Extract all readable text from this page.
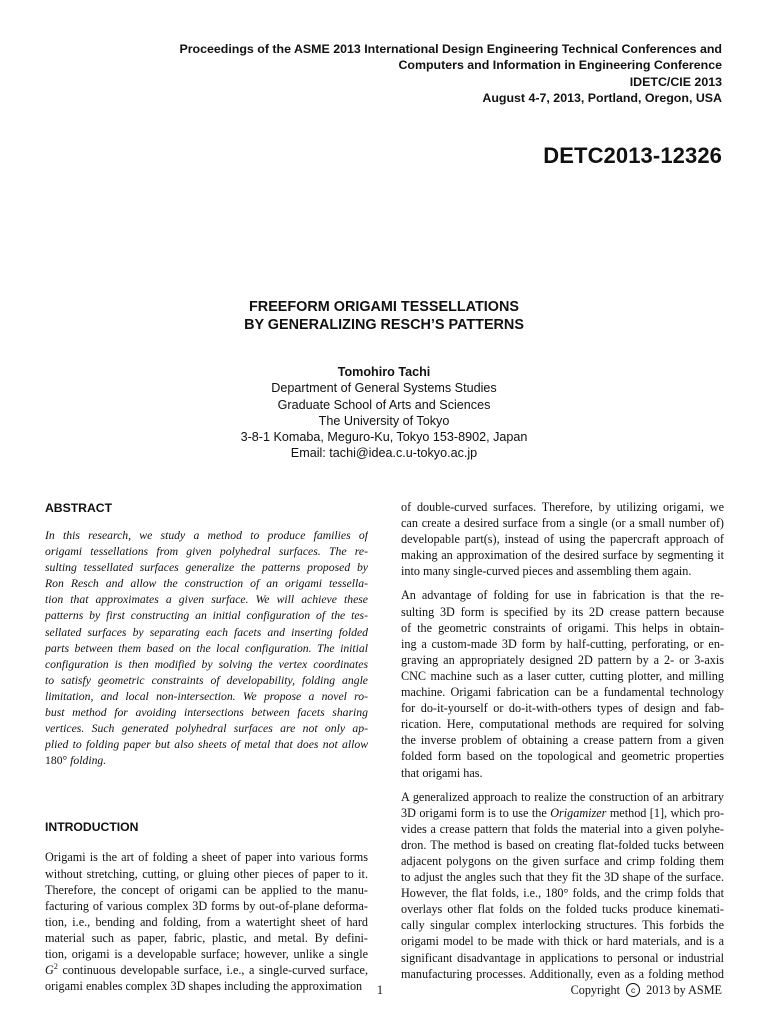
Proceedings of the ASME 2013 International Design Engineering Technical Conferences and
Computers and Information in Engineering Conference
IDETC/CIE 2013
August 4-7, 2013, Portland, Oregon, USA
DETC2013-12326
FREEFORM ORIGAMI TESSELLATIONS
BY GENERALIZING RESCH’S PATTERNS
Tomohiro Tachi
Department of General Systems Studies
Graduate School of Arts and Sciences
The University of Tokyo
3-8-1 Komaba, Meguro-Ku, Tokyo 153-8902, Japan
Email: tachi@idea.c.u-tokyo.ac.jp
ABSTRACT
In this research, we study a method to produce families of
origami tessellations from given polyhedral surfaces. The re-
sulting tessellated surfaces generalize the patterns proposed by
Ron Resch and allow the construction of an origami tessella-
tion that approximates a given surface. We will achieve these
patterns by first constructing an initial configuration of the tes-
sellated surfaces by separating each facets and inserting folded
parts between them based on the local configuration. The initial
configuration is then modified by solving the vertex coordinates
to satisfy geometric constraints of developability, folding angle
limitation, and local non-intersection. We propose a novel ro-
bust method for avoiding intersections between facets sharing
vertices. Such generated polyhedral surfaces are not only ap-
plied to folding paper but also sheets of metal that does not allow
180° folding.
INTRODUCTION
Origami is the art of folding a sheet of paper into various forms
without stretching, cutting, or gluing other pieces of paper to it.
Therefore, the concept of origami can be applied to the manu-
facturing of various complex 3D forms by out-of-plane deforma-
tion, i.e., bending and folding, from a watertight sheet of hard
material such as paper, fabric, plastic, and metal. By defini-
tion, origami is a developable surface; however, unlike a single
$G^2$ continuous developable surface, i.e., a single-curved surface,
origami enables complex 3D shapes including the approximation
of double-curved surfaces. Therefore, by utilizing origami, we
can create a desired surface from a single (or a small number of)
developable part(s), instead of using the papercraft approach of
making an approximation of the desired surface by segmenting it
into many single-curved pieces and assembling them again.
An advantage of folding for use in fabrication is that the re-
sulting 3D form is specified by its 2D crease pattern because
of the geometric constraints of origami. This helps in obtain-
ing a custom-made 3D form by half-cutting, perforating, or en-
graving an appropriately designed 2D pattern by a 2- or 3-axis
CNC machine such as a laser cutter, cutting plotter, and milling
machine. Origami fabrication can be a fundamental technology
for do-it-yourself or do-it-with-others types of design and fab-
rication. Here, computational methods are required for solving
the inverse problem of obtaining a crease pattern from a given
folded form based on the topological and geometric properties
that origami has.
A generalized approach to realize the construction of an arbitrary
3D origami form is to use the Origamizer method [1], which pro-
vides a crease pattern that folds the material into a given polyhe-
dron. The method is based on creating flat-folded tucks between
adjacent polygons on the given surface and crimp folding them
to adjust the angles such that they fit the 3D shape of the surface.
However, the flat folds, i.e., 180° folds, and the crimp folds that
overlays other flat folds on the folded tucks produce kinemati-
cally singular complex interlocking structures. This forbids the
origami model to be made with thick or hard materials, and is a
significant disadvantage in applications to personal or industrial
manufacturing processes. Additionally, even as a folding method
1	Copyright c 2013 by ASME
